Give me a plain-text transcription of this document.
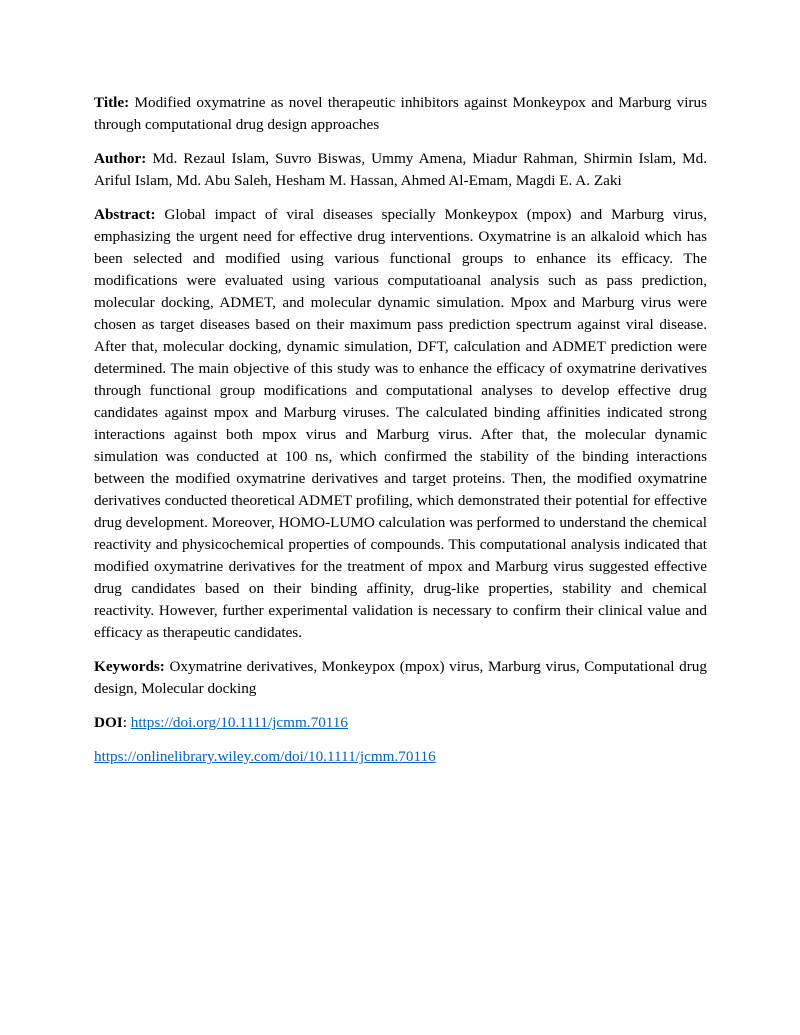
Title: Modified oxymatrine as novel therapeutic inhibitors against Monkeypox and Marburg virus through computational drug design approaches

Author: Md. Rezaul Islam, Suvro Biswas, Ummy Amena, Miadur Rahman, Shirmin Islam, Md. Ariful Islam, Md. Abu Saleh, Hesham M. Hassan, Ahmed Al-Emam, Magdi E. A. Zaki

Abstract: Global impact of viral diseases specially Monkeypox (mpox) and Marburg virus, emphasizing the urgent need for effective drug interventions. Oxymatrine is an alkaloid which has been selected and modified using various functional groups to enhance its efficacy. The modifications were evaluated using various computatioanal analysis such as pass prediction, molecular docking, ADMET, and molecular dynamic simulation. Mpox and Marburg virus were chosen as target diseases based on their maximum pass prediction spectrum against viral disease. After that, molecular docking, dynamic simulation, DFT, calculation and ADMET prediction were determined. The main objective of this study was to enhance the efficacy of oxymatrine derivatives through functional group modifications and computational analyses to develop effective drug candidates against mpox and Marburg viruses. The calculated binding affinities indicated strong interactions against both mpox virus and Marburg virus. After that, the molecular dynamic simulation was conducted at 100 ns, which confirmed the stability of the binding interactions between the modified oxymatrine derivatives and target proteins. Then, the modified oxymatrine derivatives conducted theoretical ADMET profiling, which demonstrated their potential for effective drug development. Moreover, HOMO-LUMO calculation was performed to understand the chemical reactivity and physicochemical properties of compounds. This computational analysis indicated that modified oxymatrine derivatives for the treatment of mpox and Marburg virus suggested effective drug candidates based on their binding affinity, drug-like properties, stability and chemical reactivity. However, further experimental validation is necessary to confirm their clinical value and efficacy as therapeutic candidates.

Keywords: Oxymatrine derivatives, Monkeypox (mpox) virus, Marburg virus, Computational drug design, Molecular docking

DOI: https://doi.org/10.1111/jcmm.70116

https://onlinelibrary.wiley.com/doi/10.1111/jcmm.70116
